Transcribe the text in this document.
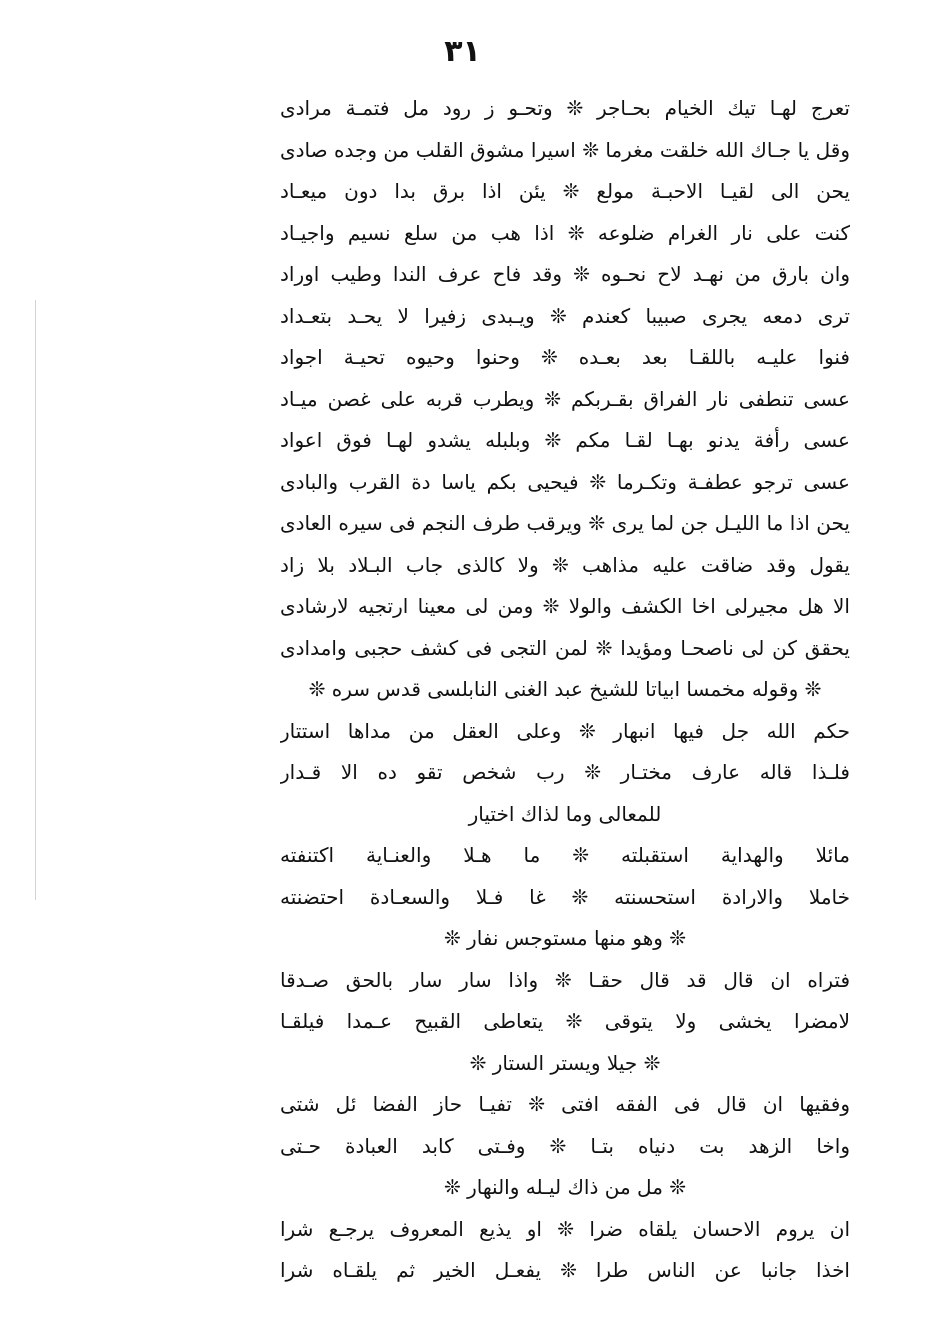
٣١
تعرج لهـا تيك الخيام بحـاجر ❊ وتحـو ز رود مل فتمـة مرادى
وقل يا جـاك الله خلقت مغرما ❊ اسيرا مشوق القلب من وجده صادى
يحن الى لقيـا الاحبـة مولع ❊ يئن اذا برق بدا دون ميعـاد
كنت على نار الغرام ضلوعه ❊ اذا هب من سلع نسيم واجيـاد
وان بارق من نهـد لاح نحـوه ❊ وقد فاح عرف الندا وطيب اوراد
ترى دمعه يجرى صبيبا كعندم ❊ ويـبدى زفيرا لا يحـد بتعـداد
فنوا عليـه باللقـا بعد بعـده ❊ وحنوا وحيوه تحيـة اجواد
عسى تنطفى نار الفراق بقـربكم ❊ ويطرب قربه على غصن ميـاد
عسى رأفة يدنو بهـا لقـا مكم ❊ وبلبله يشدو لهـا فوق اعواد
عسى ترجو عطفـة وتكـرما ❊ فيحيى بكم ياسا دة القرب والبادى
يحن اذا ما الليـل جن لما يرى ❊ ويرقب طرف النجم فى سيره العادى
يقول وقد ضاقت عليه مذاهب ❊ ولا كالذى جاب البـلاد بلا زاد
الا هل مجيرلى اخا الكشف والولا ❊ ومن لى معينا ارتجيه لارشادى
يحقق كن لى ناصحـا ومؤيدا ❊ لمن التجى فى كشف حجبى وامدادى
❊ وقوله مخمسا ابياتا للشيخ عبد الغنى النابلسى قدس سره ❊
حكم الله جل فيها انبهار ❊ وعلى العقل من مداها استتار
فلـذا قاله عارف مختـار ❊ رب شخص تقو ده الا قـدار
للمعالى وما لذاك اختيار
مائلا والهداية استقبلته ❊ ما هـلا والعنـاية اكتنفته
خاملا والارادة استحسنته ❊ غا فـلا والسعـادة احتضنته
❊ وهو منها مستوجس نفار ❊
فتراه ان قال قد قال حقـا ❊ واذا سار سار بالحق صـدقا
لامضرا يخشى ولا يتوقى ❊ يتعاطى القبيح عـمدا فيلقـا
❊ جيلا ويستر الستار ❊
وفقيها ان قال فى الفقه افتى ❊ تفيـا حاز الفضا ئل شتى
واخا الزهد بت دنياه بتـا ❊ وفـتى كابد العبادة حـتى
❊ مل من ذاك ليـله والنهار ❊
ان يروم الاحسان يلقاه ضرا ❊ او يذيع المعروف يرجـع شرا
اخذا جانبا عن الناس طرا ❊ يفعـل الخير ثم يلقـاه شرا
